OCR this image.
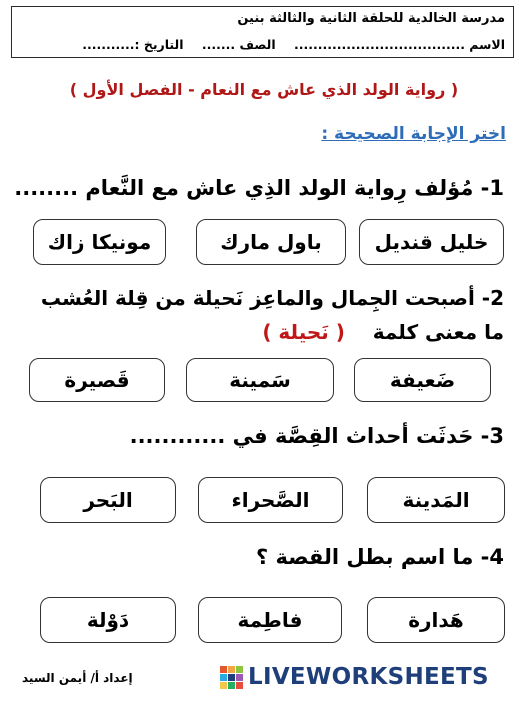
مدرسة الخالدية للحلقة الثانية والثالثة بنين
الاسم .................................... الصف ....... التاريخ :...........
( رواية الولد الذي عاش مع النعام - الفصل الأول )
اختر الإجابة الصحيحة :
1- مُؤلف رِواية الولد الذِي عاش مع النَّعام ........
خليل قنديل
باول مارك
مونيكا زاك
2- أصبحت الجِمال والماعِز نَحيلة من قِلة العُشب
ما معنى كلمة    ( نَحيلة )
ضَعيفة
سَمينة
قَصيرة
3- حَدثَت أحداث القِصَّة في ............
المَدينة
الصَّحراء
البَحر
4- ما اسم بطل القصة ؟
هَدارة
فاطِمة
دَوْلة
إعداد أ/ أيمن السيد	LIVEWORKSHEETS
